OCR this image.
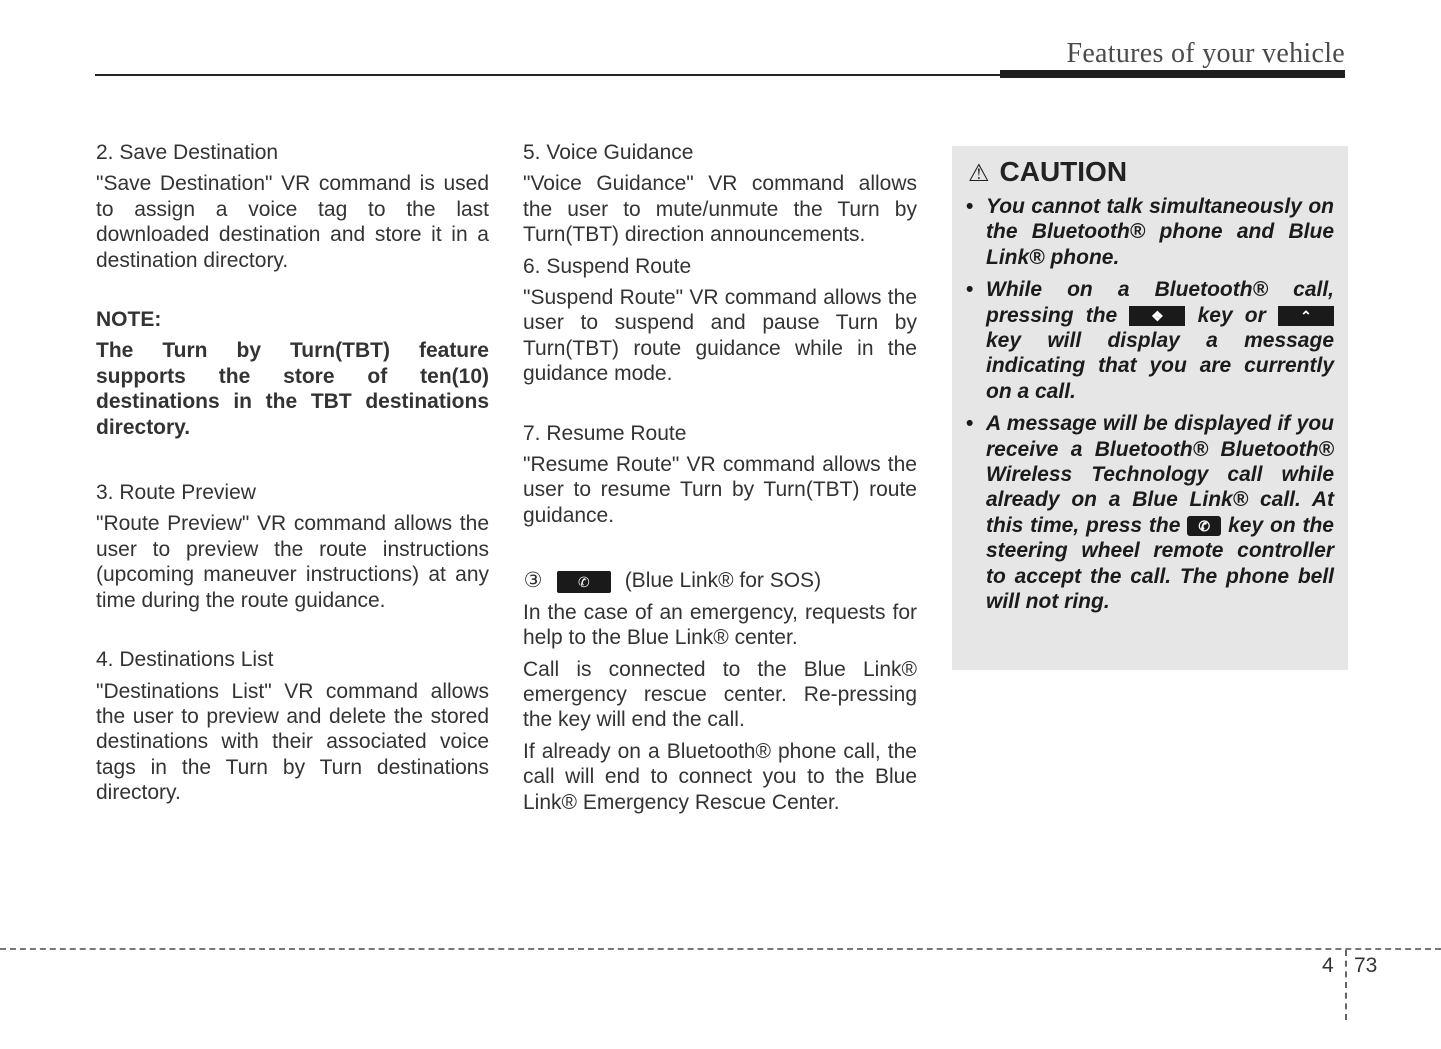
Features of your vehicle

2. Save Destination

"Save Destination" VR command is used to assign a voice tag to the last downloaded destination and store it in a destination directory.

NOTE:

The Turn by Turn(TBT) feature supports the store of ten(10) destinations in the TBT destinations directory.

3. Route Preview

"Route Preview" VR command allows the user to preview the route instructions (upcoming maneuver instructions) at any time during the route guidance.

4. Destinations List

"Destinations List" VR command allows the user to preview and delete the stored destinations with their associated voice tags in the Turn by Turn destinations directory.

5. Voice Guidance

"Voice Guidance" VR command allows the user to mute/unmute the Turn by Turn(TBT) direction announcements.

6. Suspend Route

"Suspend Route" VR command allows the user to suspend and pause Turn by Turn(TBT) route guidance while in the guidance mode.

7. Resume Route

"Resume Route" VR command allows the user to resume Turn by Turn(TBT) route guidance.

③	✆ (Blue Link® for SOS)

In the case of an emergency, requests for help to the Blue Link® center.

Call is connected to the Blue Link® emergency rescue center. Re-pressing the key will end the call.

If already on a Bluetooth® phone call, the call will end to connect you to the Blue Link® Emergency Rescue Center.

⚠ CAUTION
• You cannot talk simultaneously on the Bluetooth® phone and Blue Link® phone.
• While on a Bluetooth® call, pressing the ❖ key or ⌃ key will display a message indicating that you are currently on a call.
• A message will be displayed if you receive a Bluetooth® Bluetooth® Wireless Technology call while already on a Blue Link® call. At this time, press the ✆ key on the steering wheel remote controller to accept the call. The phone bell will not ring.
4 73
